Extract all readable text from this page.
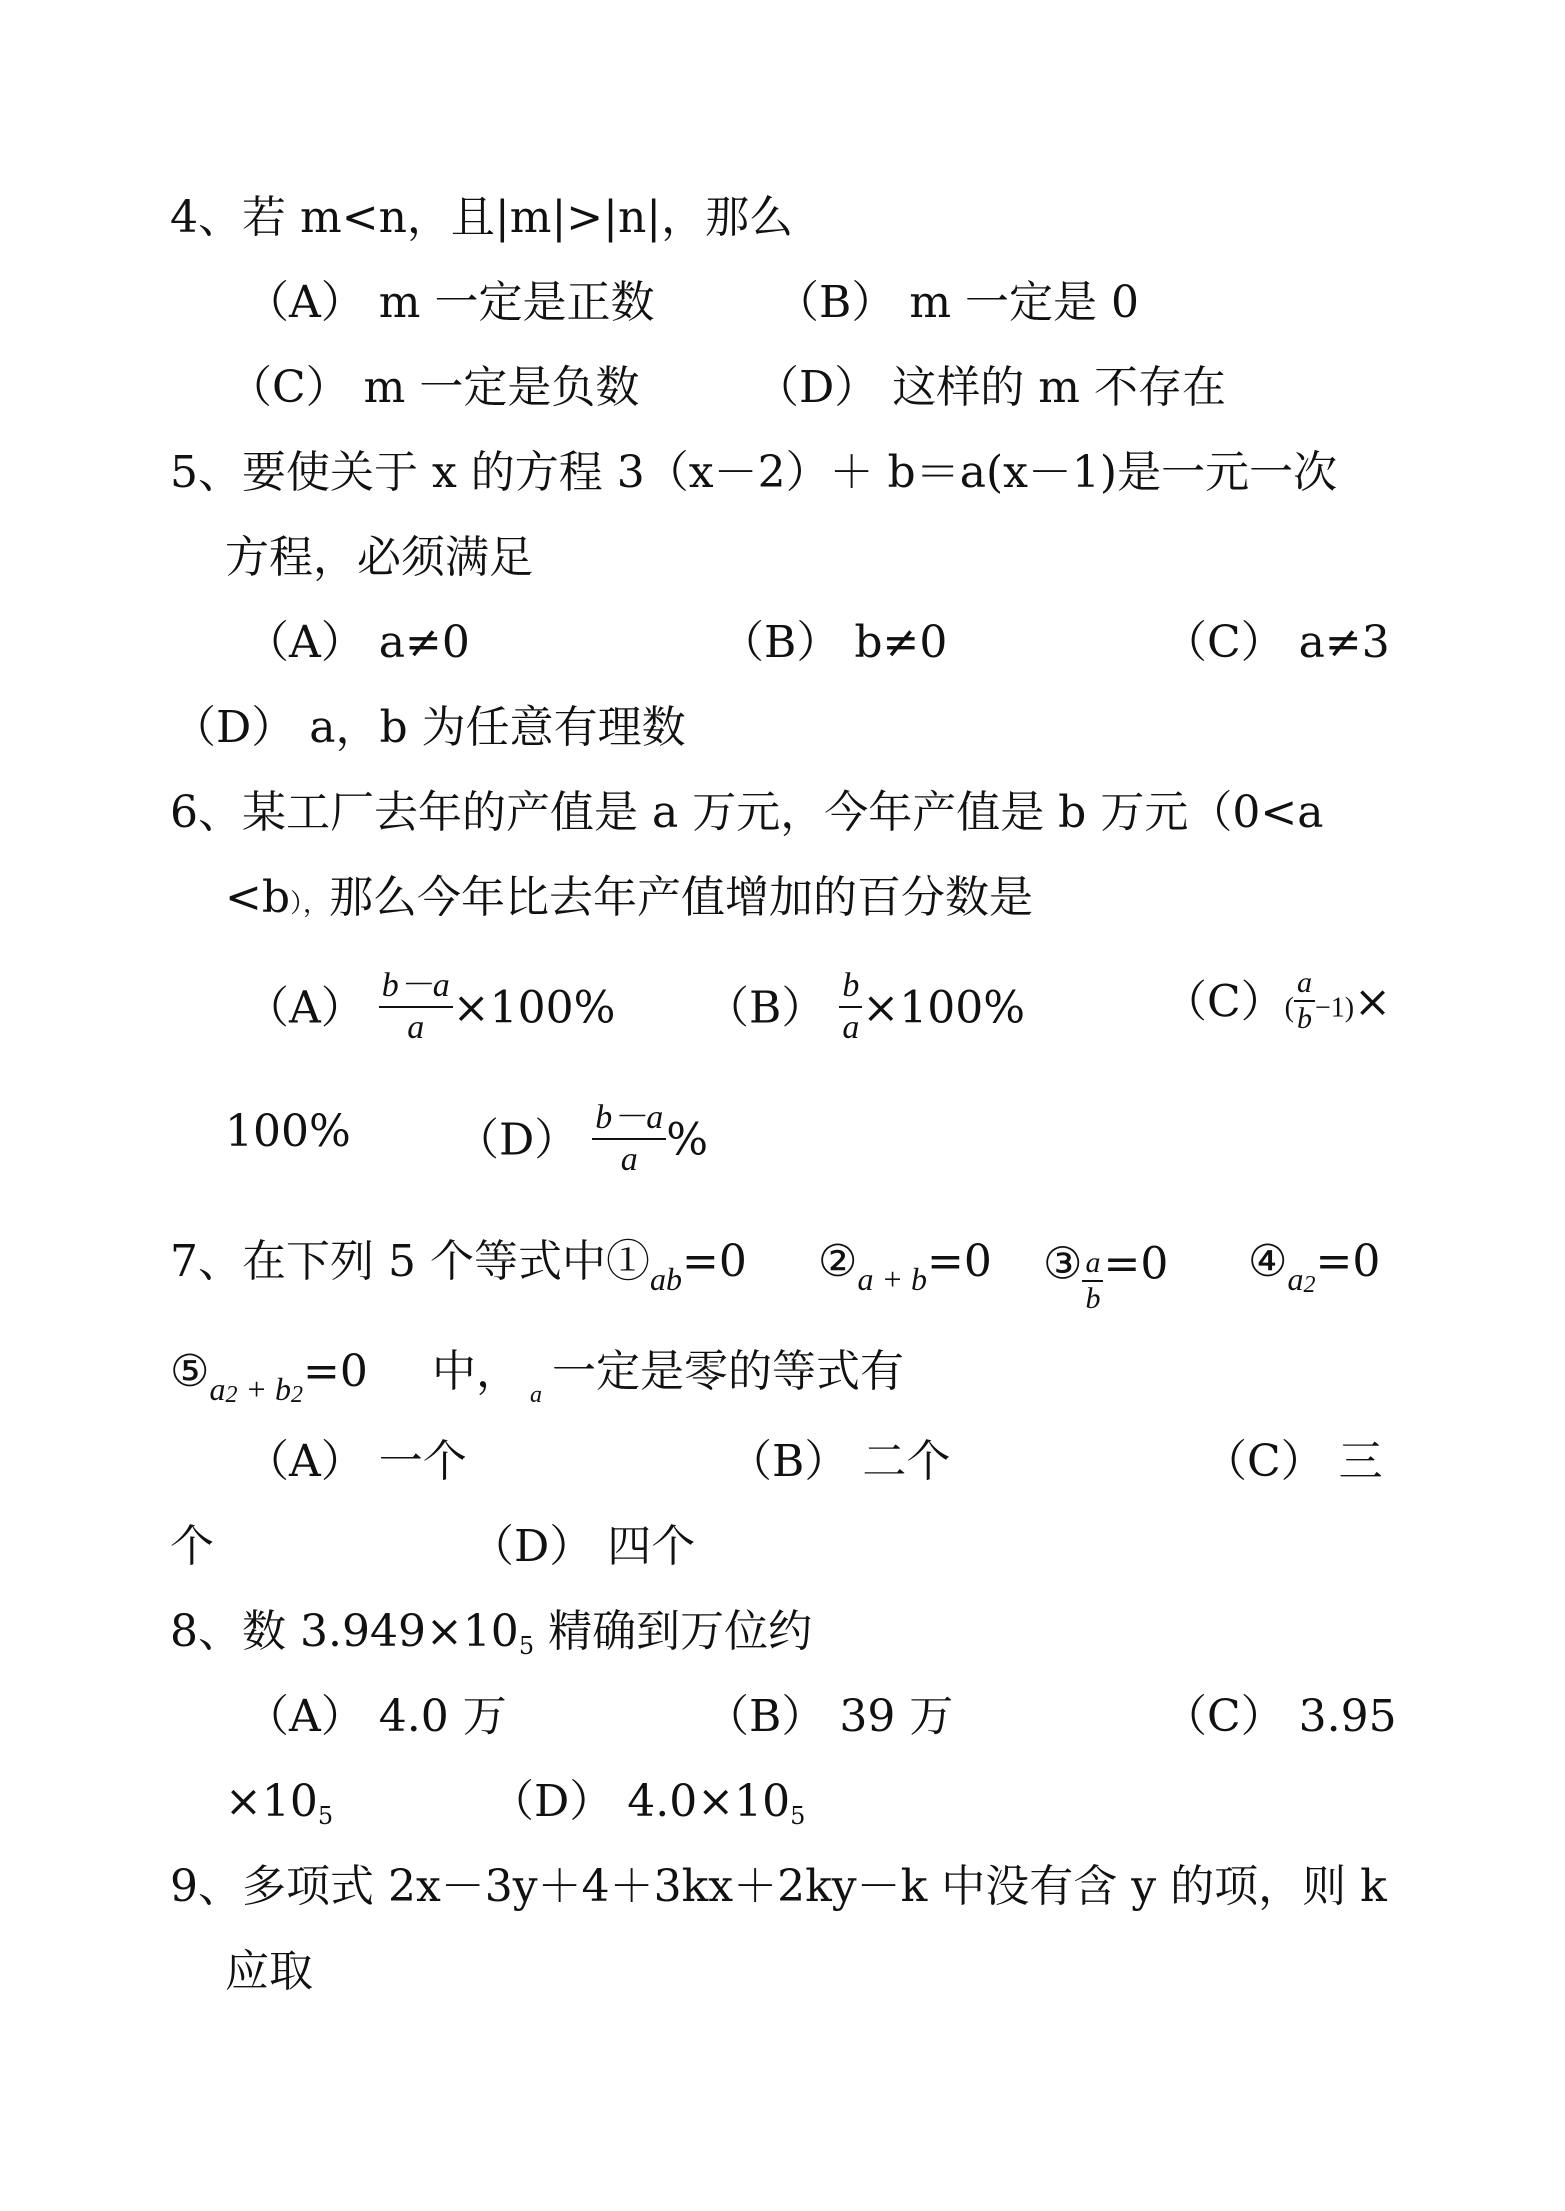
4、若 m<n，且|m|>|n|，那么
（A） m 一定是正数	（B） m 一定是 0
（C） m 一定是负数	（D） 这样的 m 不存在
5、要使关于 x 的方程 3（x－2）＋ b＝a(x－1)是一元一次
方程，必须满足
（A） a≠0	（B） b≠0	（C） a≠3
（D） a，b 为任意有理数
6、某工厂去年的产值是 a 万元，今年产值是 b 万元（0<a
<b），那么今年比去年产值增加的百分数是
$(A) \frac{b-a}{a} \times 100\%$ $(B) \frac{b}{a} \times 100\%$	$(C)( \frac{a}{b} -1)\times$
100% $(D) \frac{b-a}{a}$ %
7、在下列 5 个等式中$①_{ab}=0$ $②_{a + b}=0$ ③ $\frac{a}{b} =0$ $④_{a2}=0$
$⑤_{a2}$ $_{+ b2}$=0 中， $_a$ 一定是零的等式有
（A） 一个	（B） 二个	（C） 三
个	（D） 四个
8、数 3.949×105 精确到万位约
（A） 4.0 万	（B） 39 万	（C） 3.95
×105	（D） 4.0×105
9、多项式 2x－3y＋4＋3kx＋2ky－k 中没有含 y 的项，则 k
应取
